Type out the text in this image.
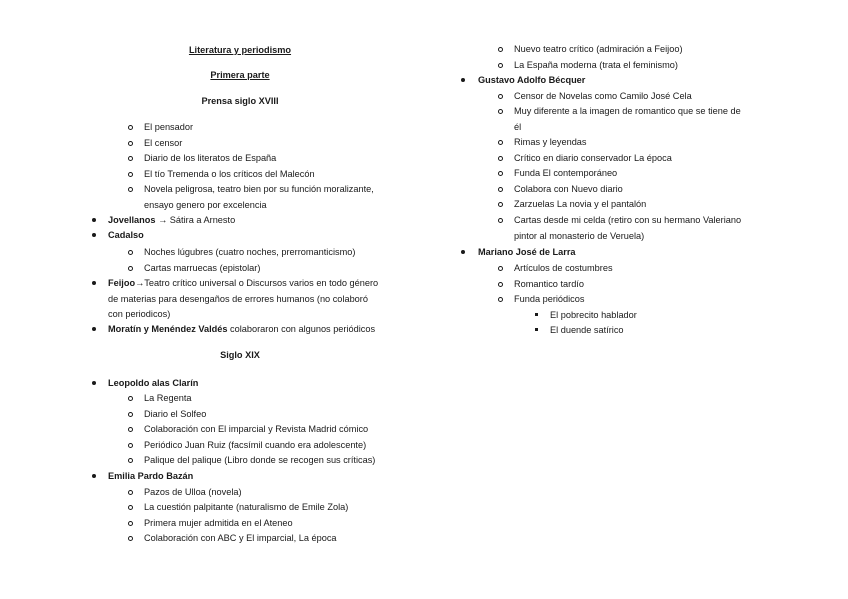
Literatura y periodismo
Primera parte
Prensa siglo XVIII
El pensador
El censor
Diario de los literatos de España
El tío Tremenda o los críticos del Malecón
Novela peligrosa, teatro bien por su función moralizante,
ensayo genero por excelencia
Jovellanos → Sátira a Arnesto
Cadalso
Noches lúgubres (cuatro noches, prerromanticismo)
Cartas marruecas (epistolar)
Feijoo→Teatro crítico universal o Discursos varios en todo género
de materias para desengaños de errores humanos (no colaboró
con periodicos)
Moratín y Menéndez Valdés colaboraron con algunos periódicos
Siglo XIX
Leopoldo alas Clarín
La Regenta
Diario el Solfeo
Colaboración con El imparcial y Revista Madrid cómico
Periódico Juan Ruiz (facsímil cuando era adolescente)
Palique del palique (Libro donde se recogen sus críticas)
Emilia Pardo Bazán
Pazos de Ulloa (novela)
La cuestión palpitante (naturalismo de Emile Zola)
Primera mujer admitida en el Ateneo
Colaboración con ABC y El imparcial, La época
Nuevo teatro crítico (admiración a Feijoo)
La España moderna (trata el feminismo)
Gustavo Adolfo Bécquer
Censor de Novelas como Camilo José Cela
Muy diferente a la imagen de romantico que se tiene de
él
Rimas y leyendas
Crítico en diario conservador La época
Funda El contemporáneo
Colabora con Nuevo diario
Zarzuelas La novia y el pantalón
Cartas desde mi celda (retiro con su hermano Valeriano
pintor al monasterio de Veruela)
Mariano José de Larra
Artículos de costumbres
Romantico tardío
Funda periódicos
El pobrecito hablador
El duende satírico
